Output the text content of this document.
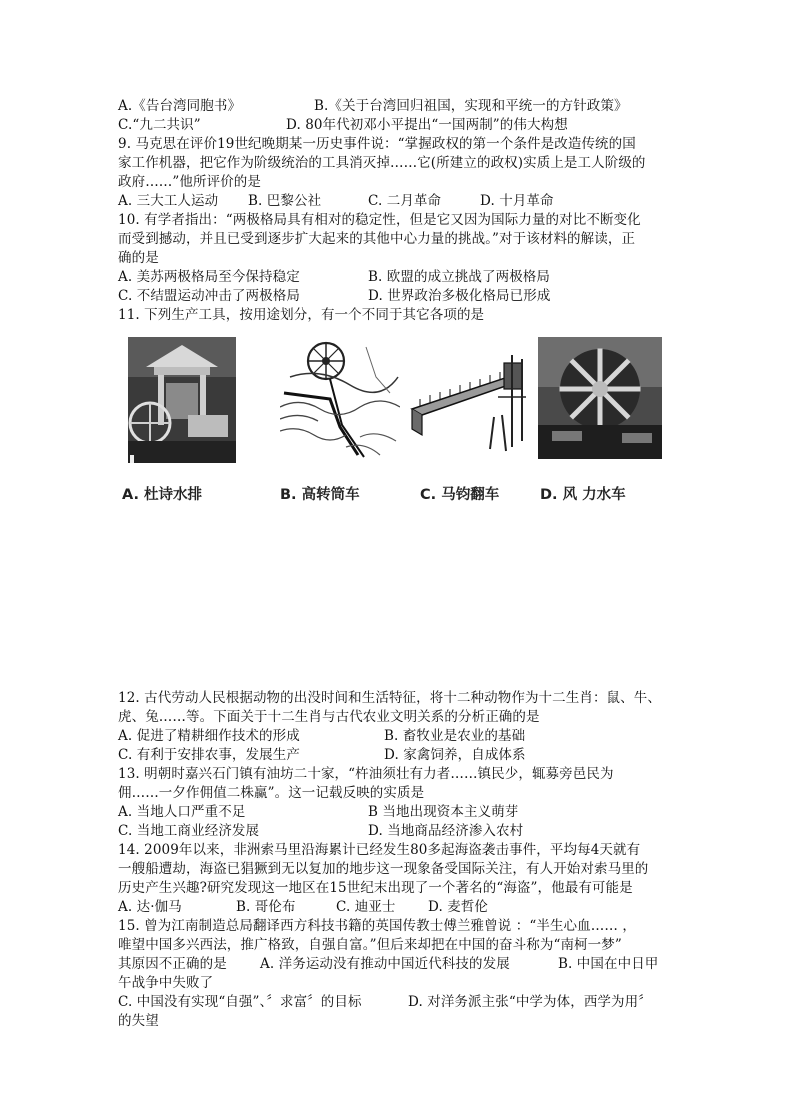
A.《告台湾同胞书》	B.《关于台湾回归祖国，实现和平统一的方针政策》
C.“九二共识”	D. 80年代初邓小平提出“一国两制”的伟大构想
9. 马克思在评价19世纪晚期某一历史事件说：“掌握政权的第一个条件是改造传统的国
家工作机器，把它作为阶级统治的工具消灭掉……它(所建立的政权)实质上是工人阶级的
政府……”他所评价的是
A. 三大工人运动 B. 巴黎公社	C. 二月革命	D. 十月革命
10. 有学者指出：“两极格局具有相对的稳定性，但是它又因为国际力量的对比不断变化
而受到撼动，并且已受到逐步扩大起来的其他中心力量的挑战。”对于该材料的解读，正
确的是
A. 美苏两极格局至今保持稳定	B. 欧盟的成立挑战了两极格局
C. 不结盟运动冲击了两极格局	D. 世界政治多极化格局已形成
11. 下列生产工具，按用途划分，有一个不同于其它各项的是
A. 杜诗水排	B. 高转筒车	C. 马钧翻车	D. 风 力水车
12. 古代劳动人民根据动物的出没时间和生活特征，将十二种动物作为十二生肖：鼠、牛、
虎、兔……等。下面关于十二生肖与古代农业文明关系的分析正确的是
A. 促进了精耕细作技术的形成	B. 畜牧业是农业的基础
C. 有利于安排农事，发展生产	D. 家禽饲养，自成体系
13. 明朝时嘉兴石门镇有油坊二十家，“杵油须壮有力者……镇民少，辄募旁邑民为
佣……一夕作佣值二株赢”。这一记载反映的实质是
A. 当地人口严重不足	B 当地出现资本主义萌芽
C. 当地工商业经济发展	D. 当地商品经济渗入农村
14. 2009年以来，非洲索马里沿海累计已经发生80多起海盗袭击事件，平均每4天就有
一艘船遭劫，海盗已猖獗到无以复加的地步这一现象备受国际关注，有人开始对索马里的
历史产生兴趣?研究发现这一地区在15世纪末出现了一个著名的“海盗”，他最有可能是
A. 达·伽马	B. 哥伦布	C. 迪亚士 D. 麦哲伦
15. 曾为江南制造总局翻译西方科技书籍的英国传教士傅兰雅曾说 ：“半生心血…… ，
唯望中国多兴西法，推广格致，自强自富。”但后来却把在中国的奋斗称为“南柯一梦”
其原因不正确的是 A. 洋务运动没有推动中国近代科技的发展	B. 中国在中日甲
午战争中失败了
C. 中国没有实现“自强”、〞求富〞的目标	D. 对洋务派主张“中学为体，西学为用〞
的失望
